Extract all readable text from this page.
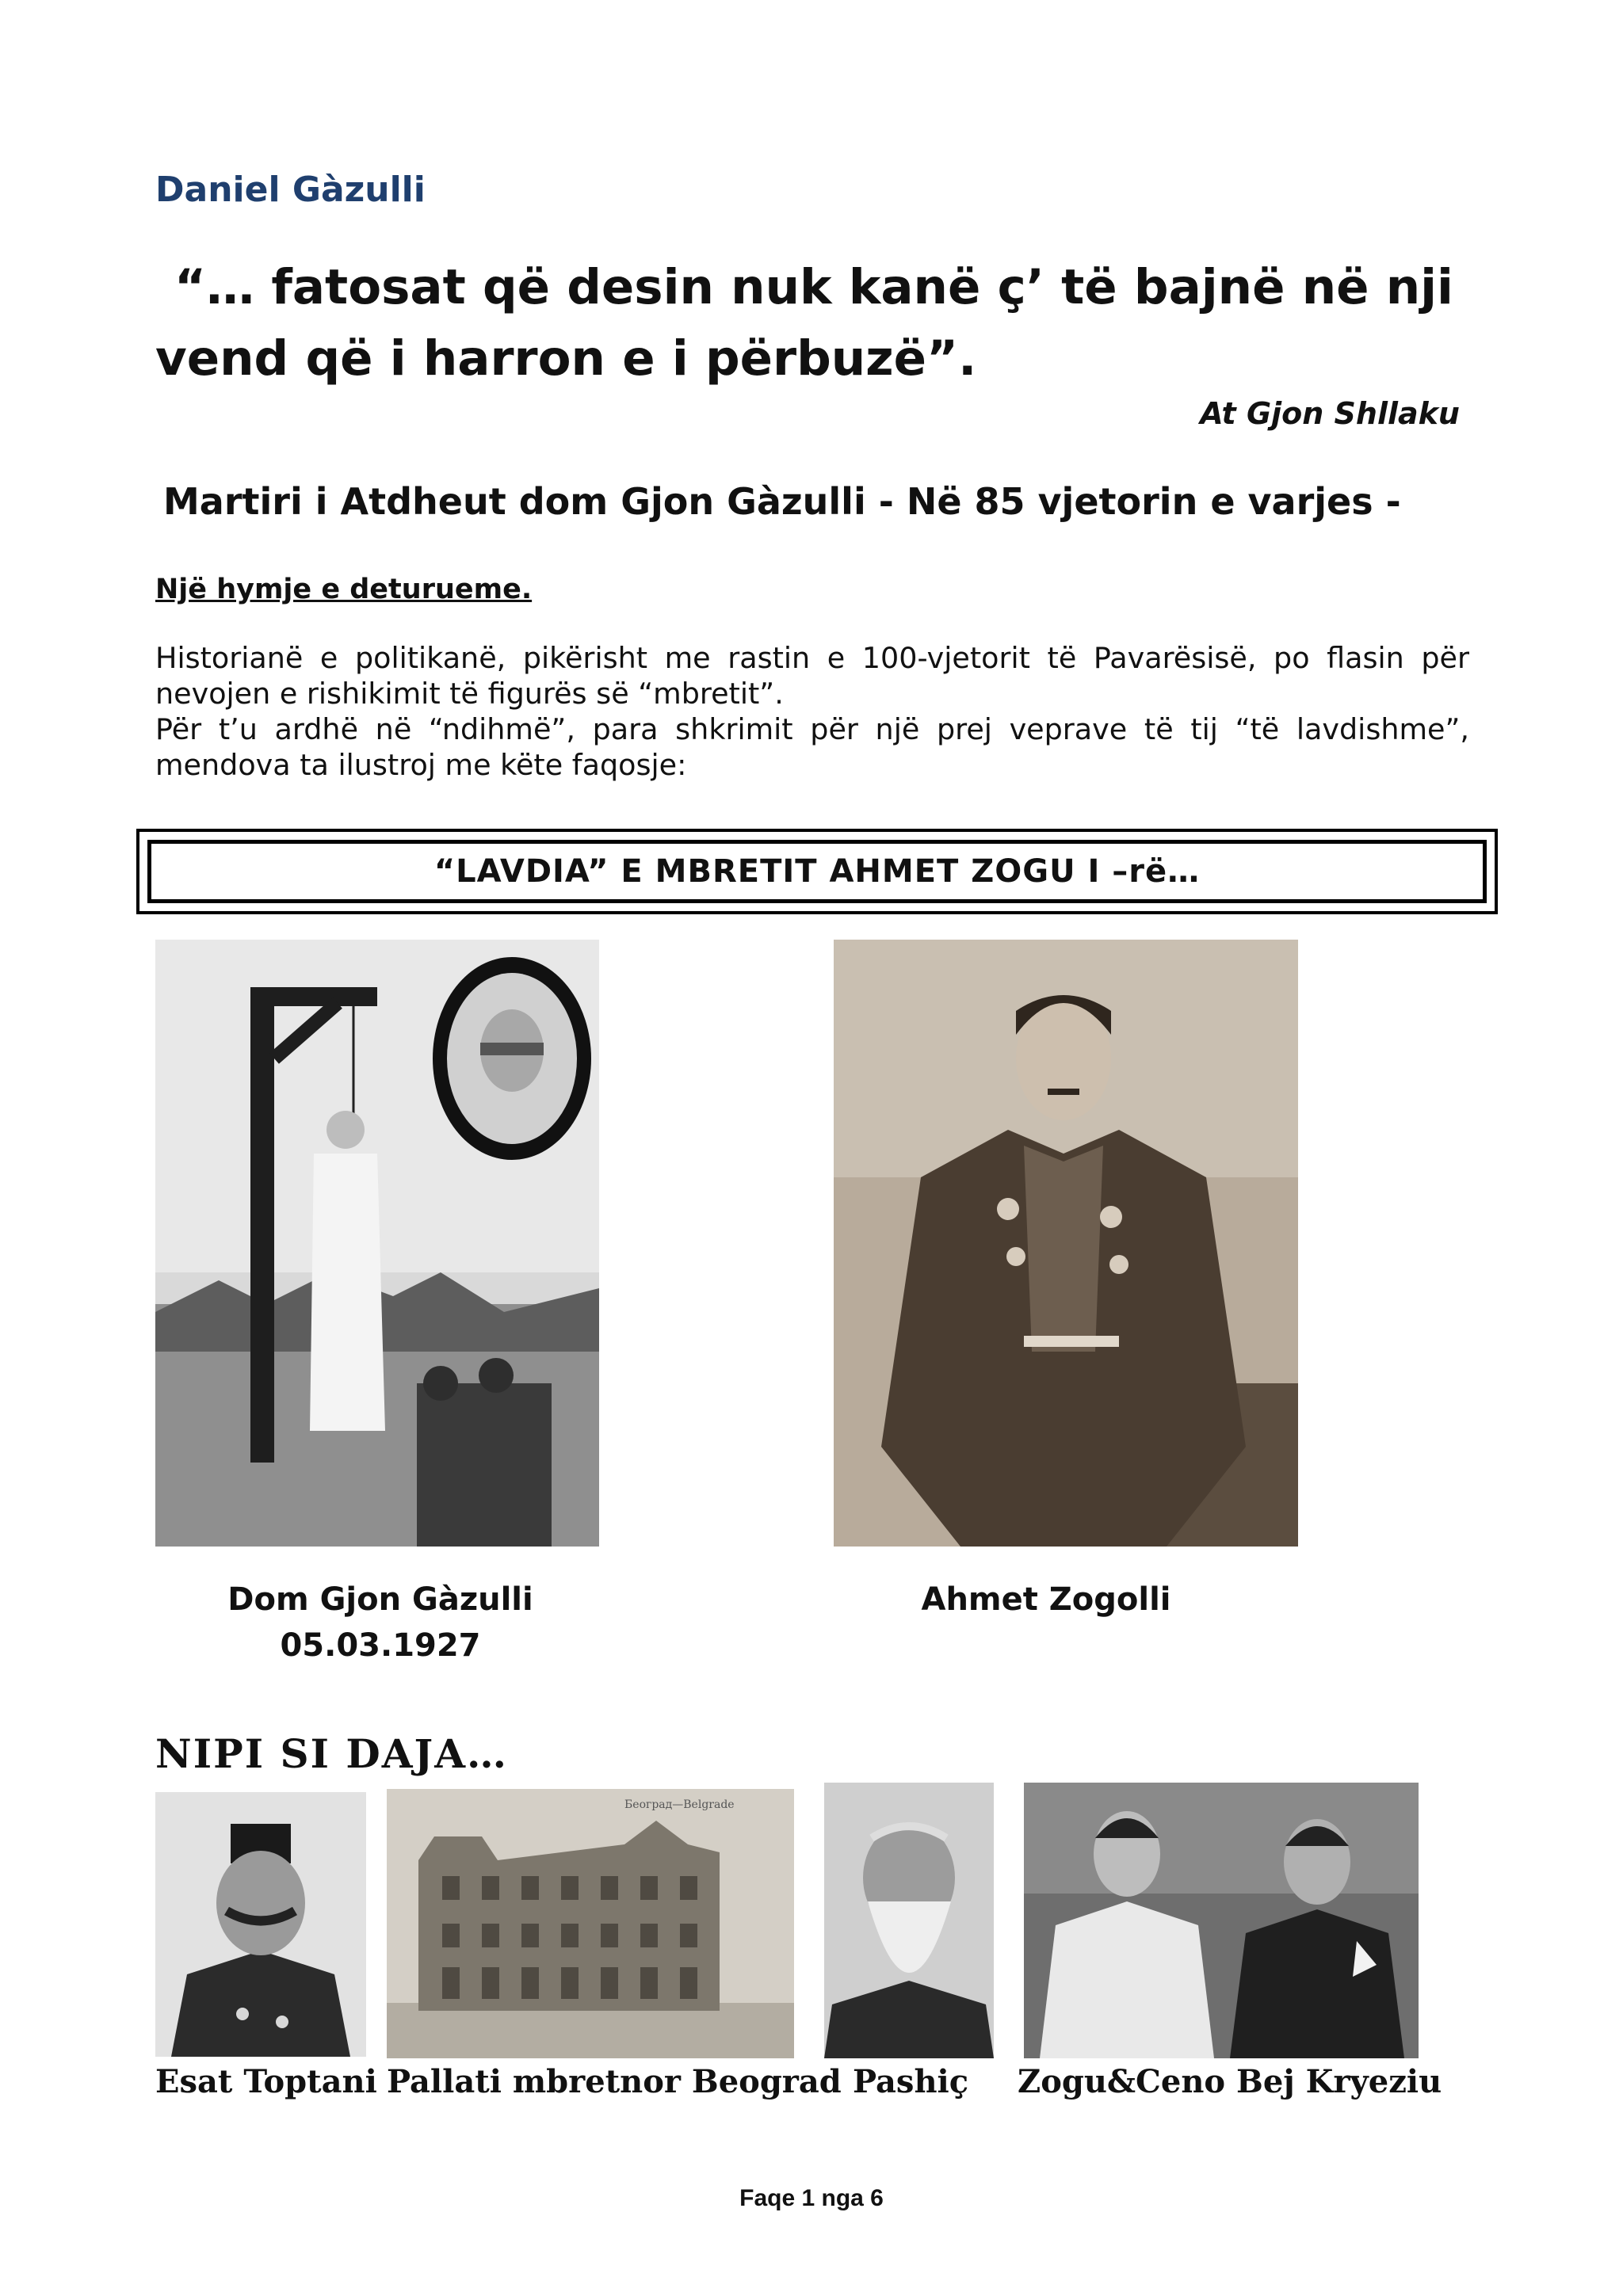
Daniel Gàzulli
“… fatosat që desin nuk kanë ç’ të bajnë në nji
vend që i harron e i përbuzë”.
At Gjon Shllaku
Martiri i Atdheut dom Gjon Gàzulli - Në 85 vjetorin e varjes -
Një hymje e deturueme.

Historianë e politikanë, pikërisht me rastin e 100-vjetorit të Pavarësisë, po flasin për nevojen e rishikimit të figurës së “mbretit”.

Për t’u ardhë në “ndihmë”, para shkrimit për një prej veprave të tij “të lavdishme”, mendova ta ilustroj me këte faqosje:

“LAVDIA” E MBRETIT AHMET ZOGU I –rë…
Dom Gjon Gàzulli
05.03.1927
Ahmet Zogolli
NIPI SI DAJA…
Београд—Belgrade
Esat Toptani Pallati mbretnor Beograd Pashiç Zogu&Ceno Bej Kryeziu
Faqe 1 nga 6
